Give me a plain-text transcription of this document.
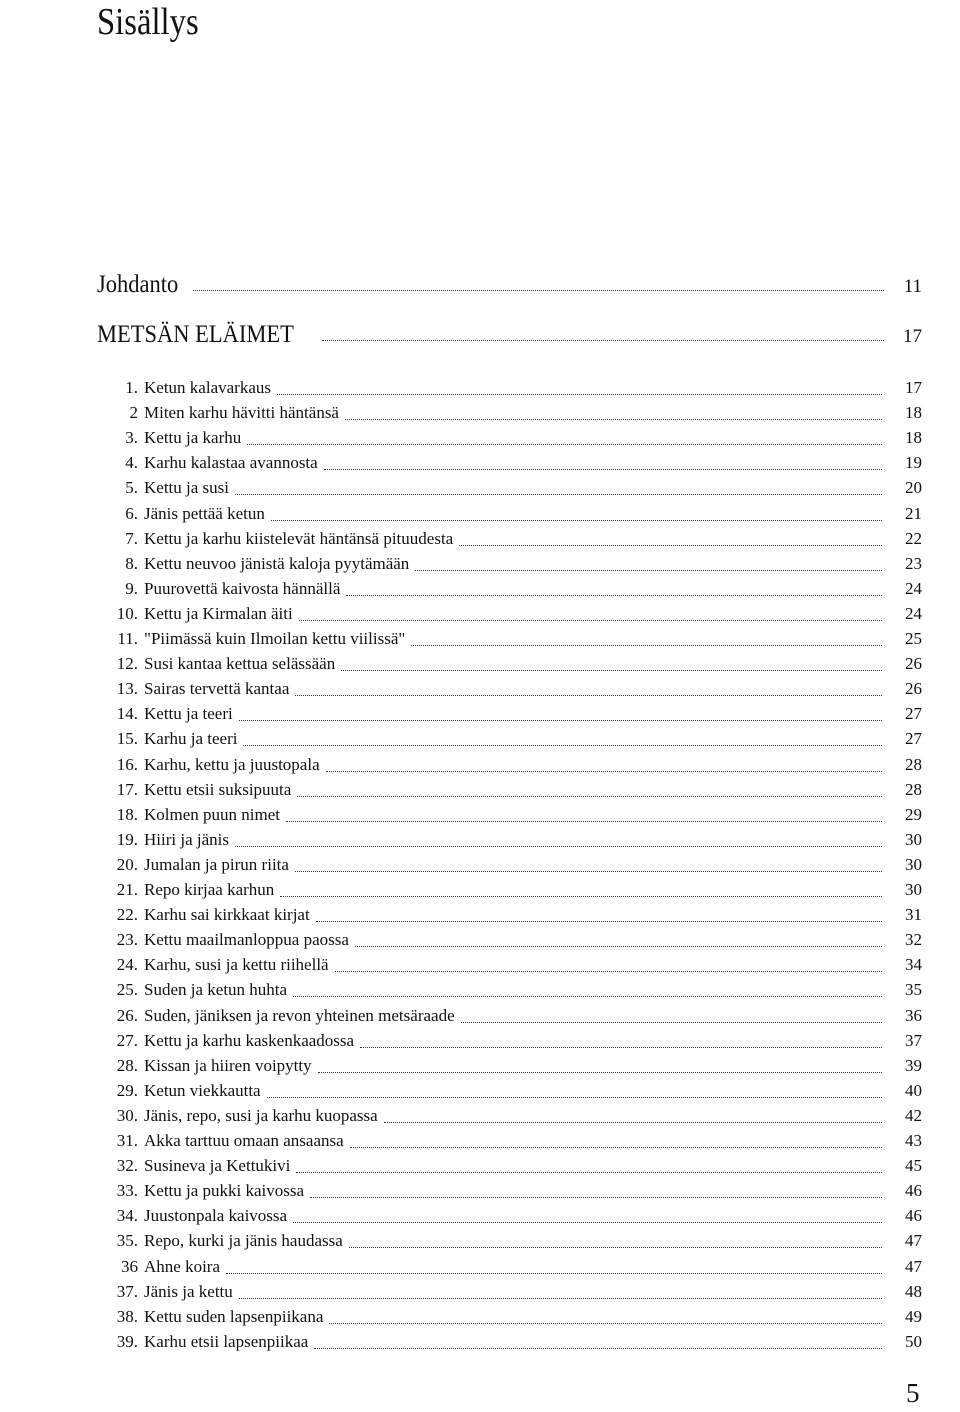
Sisällys
Johdanto	11
METSÄN ELÄIMET	17
1. Ketun kalavarkaus	17
2 Miten karhu hävitti häntänsä	18
3. Kettu ja karhu	18
4. Karhu kalastaa avannosta	19
5. Kettu ja susi	20
6. Jänis pettää ketun	21
7. Kettu ja karhu kiistelevät häntänsä pituudesta	22
8. Kettu neuvoo jänistä kaloja pyytämään	23
9. Puurovettä kaivosta hännällä	24
10. Kettu ja Kirmalan äiti	24
11. "Piimässä kuin Ilmoilan kettu viilissä"	25
12. Susi kantaa kettua selässään	26
13. Sairas tervettä kantaa	26
14. Kettu ja teeri	27
15. Karhu ja teeri	27
16. Karhu, kettu ja juustopala	28
17. Kettu etsii suksipuuta	28
18. Kolmen puun nimet	29
19. Hiiri ja jänis	30
20. Jumalan ja pirun riita	30
21. Repo kirjaa karhun	30
22. Karhu sai kirkkaat kirjat	31
23. Kettu maailmanloppua paossa	32
24. Karhu, susi ja kettu riihellä	34
25. Suden ja ketun huhta	35
26. Suden, jäniksen ja revon yhteinen metsäraade	36
27. Kettu ja karhu kaskenkaadossa	37
28. Kissan ja hiiren voipytty	39
29. Ketun viekkautta	40
30. Jänis, repo, susi ja karhu kuopassa	42
31. Akka tarttuu omaan ansaansa	43
32. Susineva ja Kettukivi	45
33. Kettu ja pukki kaivossa	46
34. Juustonpala kaivossa	46
35. Repo, kurki ja jänis haudassa	47
36 Ahne koira	47
37. Jänis ja kettu	48
38. Kettu suden lapsenpiikana	49
39. Karhu etsii lapsenpiikaa	50
5
